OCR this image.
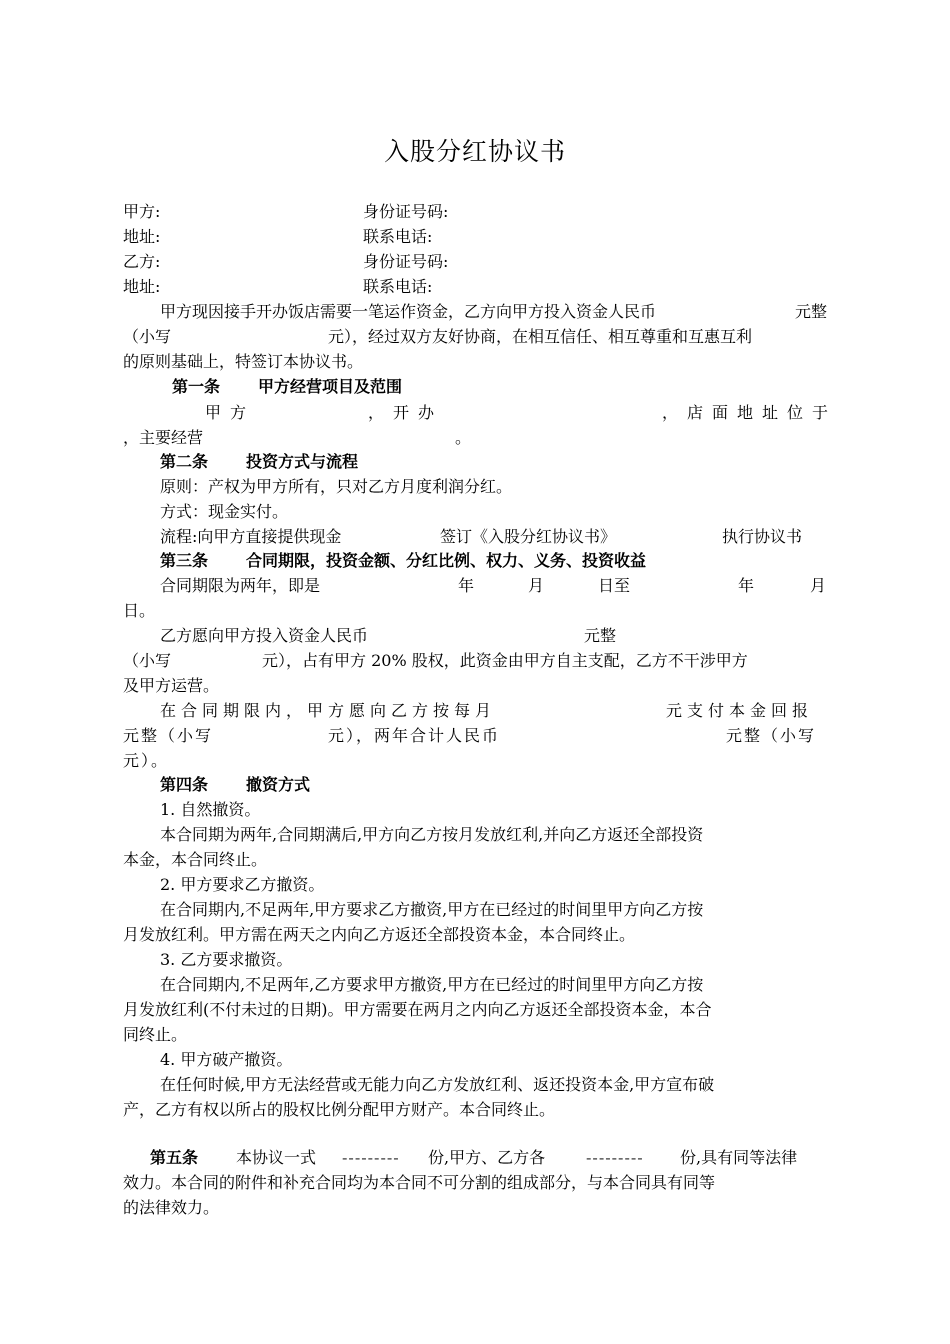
入股分红协议书
甲方:	身份证号码:
地址:	联系电话:
乙方:	身份证号码:
地址:	联系电话:
甲方现因接手开办饭店需要一笔运作资金，乙方向甲方投入资金人民币	元整
（小写	元），经过双方友好协商，在相互信任、相互尊重和互惠互利
的原则基础上，特签订本协议书。
第一条 甲方经营项目及范围
甲方	，开办	，店面地址位于
，主要经营	。
第二条 投资方式与流程
原则：产权为甲方所有，只对乙方月度利润分红。
方式：现金实付。
流程:向甲方直接提供现金	签订《入股分红协议书》	执行协议书
第三条 合同期限，投资金额、分红比例、权力、义务、投资收益
合同期限为两年，即是	年	月	日至	年	月
日。
乙方愿向甲方投入资金人民币	元整
（小写	元），占有甲方 20% 股权，此资金由甲方自主支配，乙方不干涉甲方
及甲方运营。
在合同期限内，甲方愿向乙方按每月	元支付本金回报
元整（小写	元），两年合计人民币	元整（小写
元）。
第四条 撤资方式
1. 自然撤资。
本合同期为两年,合同期满后,甲方向乙方按月发放红利,并向乙方返还全部投资
本金，本合同终止。
2. 甲方要求乙方撤资。
在合同期内,不足两年,甲方要求乙方撤资,甲方在已经过的时间里甲方向乙方按
月发放红利。甲方需在两天之内向乙方返还全部投资本金，本合同终止。
3. 乙方要求撤资。
在合同期内,不足两年,乙方要求甲方撤资,甲方在已经过的时间里甲方向乙方按
月发放红利(不付未过的日期)。甲方需要在两月之内向乙方返还全部投资本金，本合
同终止。
4. 甲方破产撤资。
在任何时候,甲方无法经营或无能力向乙方发放红利、返还投资本金,甲方宣布破
产，乙方有权以所占的股权比例分配甲方财产。本合同终止。
第五条 本协议一式 --------- 份,甲方、乙方各	--------- 份,具有同等法律
效力。本合同的附件和补充合同均为本合同不可分割的组成部分，与本合同具有同等
的法律效力。
